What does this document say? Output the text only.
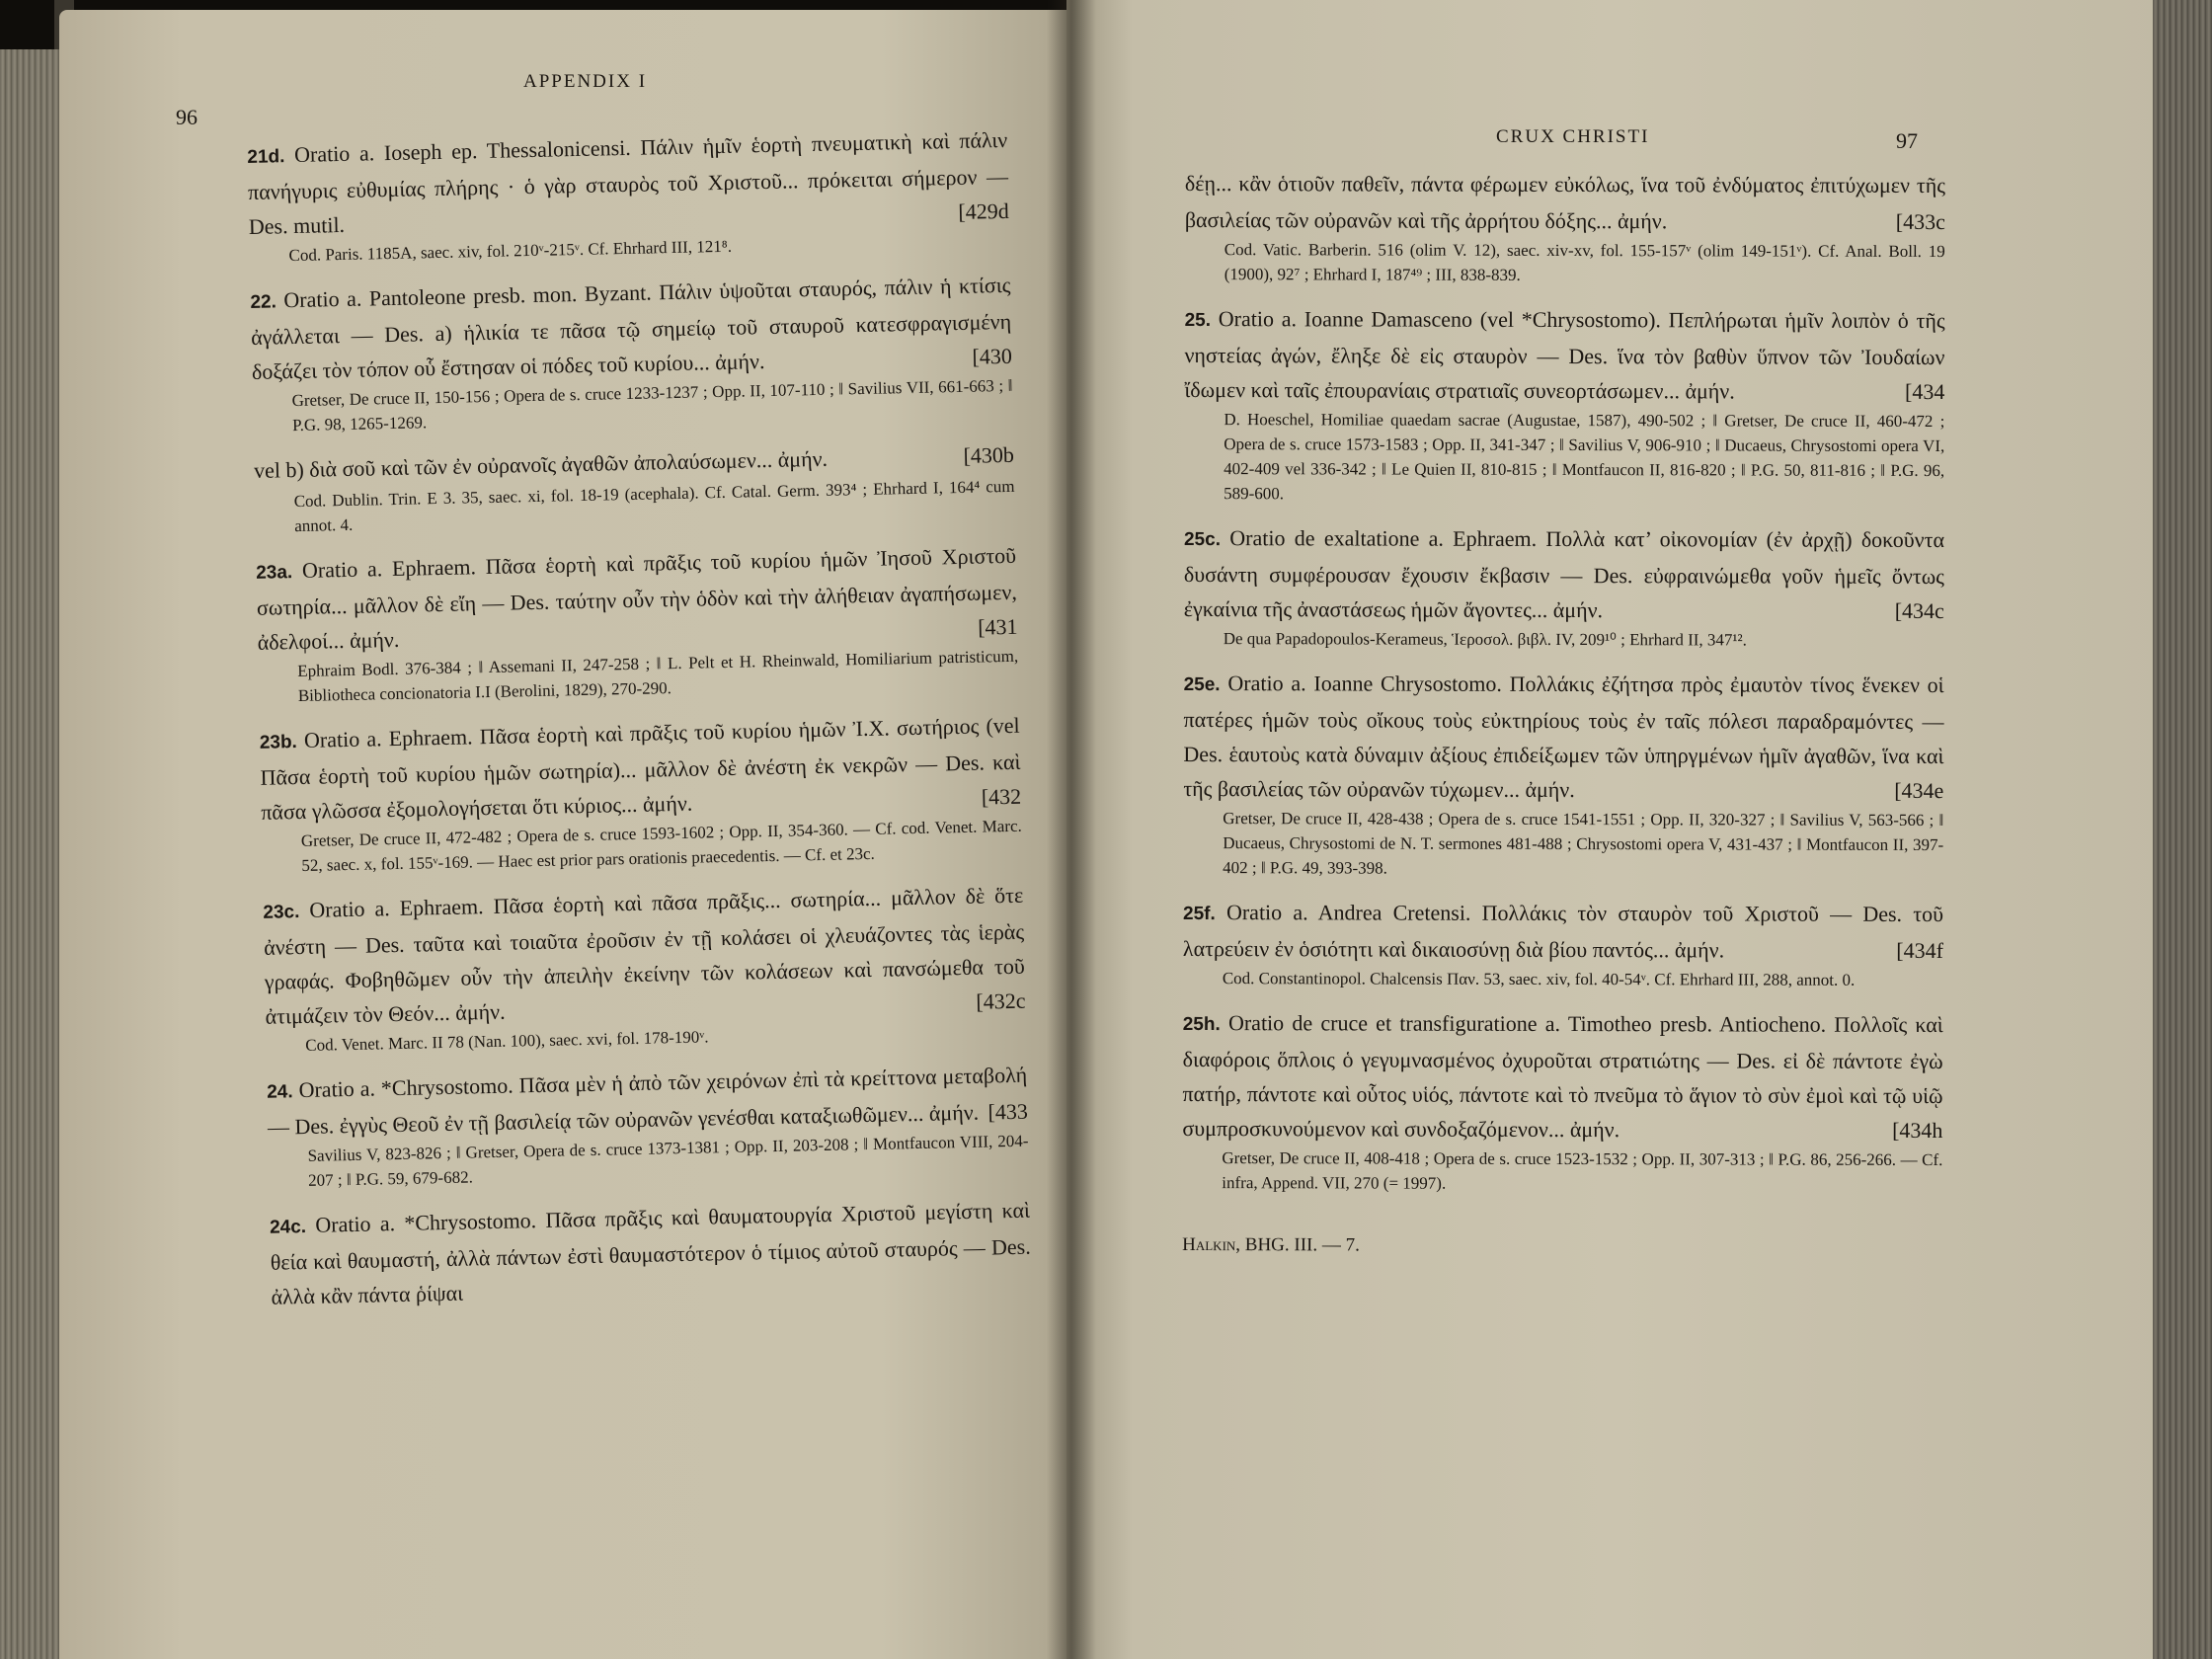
APPENDIX I
96
21d. Oratio a. Ioseph ep. Thessalonicensi. Πάλιν ἡμῖν ἑορτὴ πνευματικὴ καὶ πάλιν πανήγυρις εὐθυμίας πλήρης · ὁ γὰρ σταυρὸς τοῦ Χριστοῦ... πρόκειται σήμερον — Des. mutil.
[429d
Cod. Paris. 1185A, saec. xiv, fol. 210ᵛ-215ᵛ. Cf. Ehrhard III, 121⁸.
22. Oratio a. Pantoleone presb. mon. Byzant. Πάλιν ὑψοῦται σταυρός, πάλιν ἡ κτίσις ἀγάλλεται — Des. a) ἡλικία τε πᾶσα τῷ σημείῳ τοῦ σταυροῦ κατεσφραγισμένη δοξάζει τὸν τόπον οὗ ἔστησαν οἱ πόδες τοῦ κυρίου... ἀμήν.	[430
Gretser, De cruce II, 150-156 ; Opera de s. cruce 1233-1237 ; Opp. II, 107-110 ; ‖ Savilius VII, 661-663 ; ‖ P.G. 98, 1265-1269.
vel b) διὰ σοῦ καὶ τῶν ἐν οὐρανοῖς ἀγαθῶν ἀπολαύσωμεν... ἀμήν.	[430b
Cod. Dublin. Trin. E 3. 35, saec. xi, fol. 18-19 (acephala). Cf. Catal. Germ. 393⁴ ; Ehrhard I, 164⁴ cum annot. 4.
23a. Oratio a. Ephraem. Πᾶσα ἑορτὴ καὶ πρᾶξις τοῦ κυρίου ἡμῶν Ἰησοῦ Χριστοῦ σωτηρία... μᾶλλον δὲ εἴη — Des. ταύτην οὖν τὴν ὁδὸν καὶ τὴν ἀλήθειαν ἀγαπήσωμεν, ἀδελφοί... ἀμήν.
[431
Ephraim Bodl. 376-384 ; ‖ Assemani II, 247-258 ; ‖ L. Pelt et H. Rheinwald, Homiliarium patristicum, Bibliotheca concionatoria I.I (Berolini, 1829), 270-290.
23b. Oratio a. Ephraem. Πᾶσα ἑορτὴ καὶ πρᾶξις τοῦ κυρίου ἡμῶν Ἰ.Χ. σωτήριος (vel Πᾶσα ἑορτὴ τοῦ κυρίου ἡμῶν σωτηρία)... μᾶλλον δὲ ἀνέστη ἐκ νεκρῶν — Des. καὶ πᾶσα γλῶσσα ἐξομολογήσεται ὅτι κύριος... ἀμήν.	[432
Gretser, De cruce II, 472-482 ; Opera de s. cruce 1593-1602 ; Opp. II, 354-360. — Cf. cod. Venet. Marc. 52, saec. x, fol. 155ᵛ-169. — Haec est prior pars orationis praecedentis. — Cf. et 23c.
23c. Oratio a. Ephraem. Πᾶσα ἑορτὴ καὶ πᾶσα πρᾶξις... σωτηρία... μᾶλλον δὲ ὅτε ἀνέστη — Des. ταῦτα καὶ τοιαῦτα ἐροῦσιν ἐν τῇ κολάσει οἱ χλευάζοντες τὰς ἱερὰς γραφάς. Φοβηθῶμεν οὖν τὴν ἀπειλὴν ἐκείνην τῶν κολάσεων καὶ πανσώμεθα τοῦ ἀτιμάζειν τὸν Θεόν... ἀμήν.	[432c
Cod. Venet. Marc. II 78 (Nan. 100), saec. xvi, fol. 178-190ᵛ.
24. Oratio a. *Chrysostomo. Πᾶσα μὲν ἡ ἀπὸ τῶν χειρόνων ἐπὶ τὰ κρείττονα μεταβολή — Des. ἐγγὺς Θεοῦ ἐν τῇ βασιλείᾳ τῶν οὐρανῶν γενέσθαι καταξιωθῶμεν... ἀμήν. [433
Savilius V, 823-826 ; ‖ Gretser, Opera de s. cruce 1373-1381 ; Opp. II, 203-208 ; ‖ Montfaucon VIII, 204-207 ; ‖ P.G. 59, 679-682.
24c. Oratio a. *Chrysostomo. Πᾶσα πρᾶξις καὶ θαυματουργία Χριστοῦ μεγίστη καὶ θεία καὶ θαυμαστή, ἀλλὰ πάντων ἐστὶ θαυμαστότερον ὁ τίμιος αὐτοῦ σταυρός — Des. ἀλλὰ κἂν πάντα ῥίψαι
CRUX CHRISTI	97
δέῃ... κἂν ὁτιοῦν παθεῖν, πάντα φέρωμεν εὐκόλως, ἵνα τοῦ ἐνδύματος ἐπιτύχωμεν τῆς βασιλείας τῶν οὐρανῶν καὶ τῆς ἀρρήτου δόξης... ἀμήν.	[433c
Cod. Vatic. Barberin. 516 (olim V. 12), saec. xiv-xv, fol. 155-157ᵛ (olim 149-151ᵛ). Cf. Anal. Boll. 19 (1900), 92⁷ ; Ehrhard I, 187⁴⁹ ; III, 838-839.
25. Oratio a. Ioanne Damasceno (vel *Chrysostomo). Πεπλήρωται ἡμῖν λοιπὸν ὁ τῆς νηστείας ἀγών, ἔληξε δὲ εἰς σταυρὸν — Des. ἵνα τὸν βαθὺν ὕπνον τῶν Ἰουδαίων ἴδωμεν καὶ ταῖς ἐπουρανίαις στρατιαῖς συνεορτάσωμεν... ἀμήν.	[434
D. Hoeschel, Homiliae quaedam sacrae (Augustae, 1587), 490-502 ; ‖ Gretser, De cruce II, 460-472 ; Opera de s. cruce 1573-1583 ; Opp. II, 341-347 ; ‖ Savilius V, 906-910 ; ‖ Ducaeus, Chrysostomi opera VI, 402-409 vel 336-342 ; ‖ Le Quien II, 810-815 ; ‖ Montfaucon II, 816-820 ; ‖ P.G. 50, 811-816 ; ‖ P.G. 96, 589-600.
25c. Oratio de exaltatione a. Ephraem. Πολλὰ κατ’ οἰκονομίαν (ἐν ἀρχῇ) δοκοῦντα δυσάντη συμφέρουσαν ἔχουσιν ἔκβασιν — Des. εὐφραινώμεθα γοῦν ἡμεῖς ὄντως ἐγκαίνια τῆς ἀναστάσεως ἡμῶν ἄγοντες... ἀμήν.	[434c
De qua Papadopoulos-Kerameus, Ἱεροσολ. βιβλ. IV, 209¹⁰ ; Ehrhard II, 347¹².
25e. Oratio a. Ioanne Chrysostomo. Πολλάκις ἐζήτησα πρὸς ἐμαυτὸν τίνος ἕνεκεν οἱ πατέρες ἡμῶν τοὺς οἴκους τοὺς εὐκτηρίους τοὺς ἐν ταῖς πόλεσι παραδραμόντες — Des. ἑαυτοὺς κατὰ δύναμιν ἀξίους ἐπιδείξωμεν τῶν ὑπηργμένων ἡμῖν ἀγαθῶν, ἵνα καὶ τῆς βασιλείας τῶν οὐρανῶν τύχωμεν... ἀμήν.	[434e
Gretser, De cruce II, 428-438 ; Opera de s. cruce 1541-1551 ; Opp. II, 320-327 ; ‖ Savilius V, 563-566 ; ‖ Ducaeus, Chrysostomi de N. T. sermones 481-488 ; Chrysostomi opera V, 431-437 ; ‖ Montfaucon II, 397-402 ; ‖ P.G. 49, 393-398.
25f. Oratio a. Andrea Cretensi. Πολλάκις τὸν σταυρὸν τοῦ Χριστοῦ — Des. τοῦ λατρεύειν ἐν ὁσιότητι καὶ δικαιοσύνῃ διὰ βίου παντός... ἀμήν.	[434f
Cod. Constantinopol. Chalcensis Παν. 53, saec. xiv, fol. 40-54ᵛ. Cf. Ehrhard III, 288, annot. 0.
25h. Oratio de cruce et transfiguratione a. Timotheo presb. Antiocheno. Πολλοῖς καὶ διαφόροις ὅπλοις ὁ γεγυμνασμένος ὀχυροῦται στρατιώτης — Des. εἰ δὲ πάντοτε ἐγὼ πατήρ, πάντοτε καὶ οὗτος υἱός, πάντοτε καὶ τὸ πνεῦμα τὸ ἅγιον τὸ σὺν ἐμοὶ καὶ τῷ υἱῷ συμπροσκυνούμενον καὶ συνδοξαζόμενον... ἀμήν.	[434h
Gretser, De cruce II, 408-418 ; Opera de s. cruce 1523-1532 ; Opp. II, 307-313 ; ‖ P.G. 86, 256-266. — Cf. infra, Append. VII, 270 (= 1997).
Halkin, BHG. III. — 7.
